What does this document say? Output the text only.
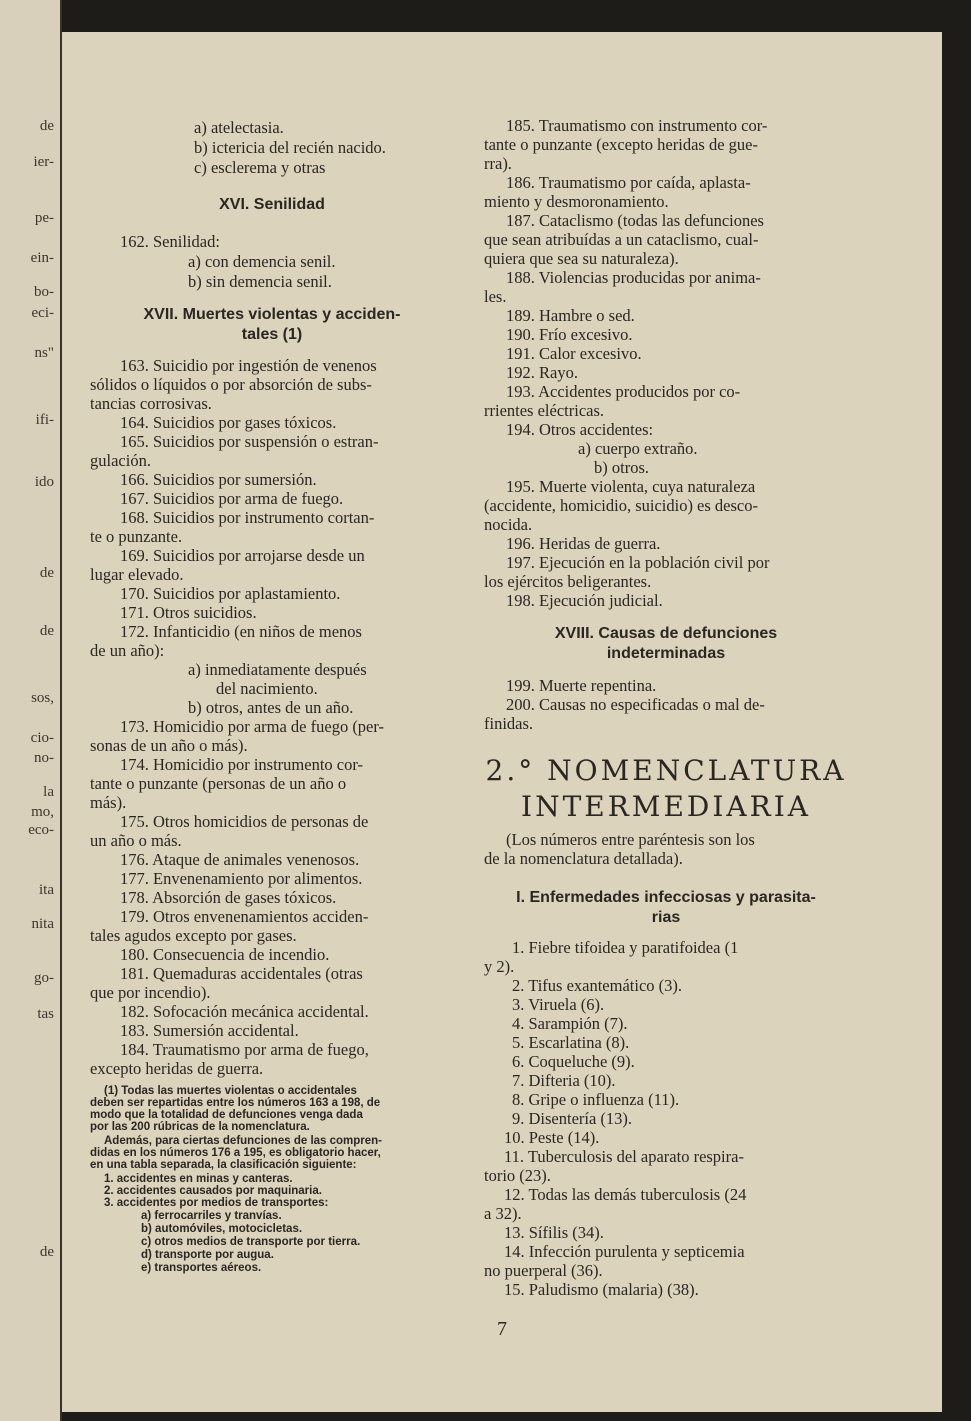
de
ier-
pe-
ein-
bo-
eci-
ns"
ifi-
ido
de
de
sos,
cio-
no-
la
mo,
eco-
ita
nita
go-
tas
de
a) atelectasia.
b) ictericia del recién nacido.
c) esclerema y otras
XVI. Senilidad
162. Senilidad:
a) con demencia senil.
b) sin demencia senil.
XVII. Muertes violentas y acciden-
tales (1)
163. Suicidio por ingestión de venenos
sólidos o líquidos o por absorción de subs-
tancias corrosivas.
164. Suicidios por gases tóxicos.
165. Suicidios por suspensión o estran-
gulación.
166. Suicidios por sumersión.
167. Suicidios por arma de fuego.
168. Suicidios por instrumento cortan-
te o punzante.
169. Suicidios por arrojarse desde un
lugar elevado.
170. Suicidios por aplastamiento.
171. Otros suicidios.
172. Infanticidio (en niños de menos
de un año):
a) inmediatamente después
del nacimiento.
b) otros, antes de un año.
173. Homicidio por arma de fuego (per-
sonas de un año o más).
174. Homicidio por instrumento cor-
tante o punzante (personas de un año o
más).
175. Otros homicidios de personas de
un año o más.
176. Ataque de animales venenosos.
177. Envenenamiento por alimentos.
178. Absorción de gases tóxicos.
179. Otros envenenamientos acciden-
tales agudos excepto por gases.
180. Consecuencia de incendio.
181. Quemaduras accidentales (otras
que por incendio).
182. Sofocación mecánica accidental.
183. Sumersión accidental.
184. Traumatismo por arma de fuego,
excepto heridas de guerra.
(1) Todas las muertes violentas o accidentales
deben ser repartidas entre los números 163 a 198, de
modo que la totalidad de defunciones venga dada
por las 200 rúbricas de la nomenclatura.
Además, para ciertas defunciones de las compren-
didas en los números 176 a 195, es obligatorio hacer,
en una tabla separada, la clasificación siguiente:
1. accidentes en minas y canteras.
2. accidentes causados por maquinaria.
3. accidentes por medios de transportes:
a) ferrocarriles y tranvías.
b) automóviles, motocicletas.
c) otros medios de transporte por tierra.
d) transporte por augua.
e) transportes aéreos.
185. Traumatismo con instrumento cor-
tante o punzante (excepto heridas de gue-
rra).
186. Traumatismo por caída, aplasta-
miento y desmoronamiento.
187. Cataclismo (todas las defunciones
que sean atribuídas a un cataclismo, cual-
quiera que sea su naturaleza).
188. Violencias producidas por anima-
les.
189. Hambre o sed.
190. Frío excesivo.
191. Calor excesivo.
192. Rayo.
193. Accidentes producidos por co-
rrientes eléctricas.
194. Otros accidentes:
a) cuerpo extraño.
b) otros.
195. Muerte violenta, cuya naturaleza
(accidente, homicidio, suicidio) es desco-
nocida.
196. Heridas de guerra.
197. Ejecución en la población civil por
los ejércitos beligerantes.
198. Ejecución judicial.
XVIII. Causas de defunciones
indeterminadas
199. Muerte repentina.
200. Causas no especificadas o mal de-
finidas.
2.° NOMENCLATURA
INTERMEDIARIA
(Los números entre paréntesis son los
de la nomenclatura detallada).
I. Enfermedades infecciosas y parasita-
rias
1. Fiebre tifoidea y paratifoidea (1
y 2).
2. Tifus exantemático (3).
3. Viruela (6).
4. Sarampión (7).
5. Escarlatina (8).
6. Coqueluche (9).
7. Difteria (10).
8. Gripe o influenza (11).
9. Disentería (13).
10. Peste (14).
11. Tuberculosis del aparato respira-
torio (23).
12. Todas las demás tuberculosis (24
a 32).
13. Sífilis (34).
14. Infección purulenta y septicemia
no puerperal (36).
15. Paludismo (malaria) (38).
7
